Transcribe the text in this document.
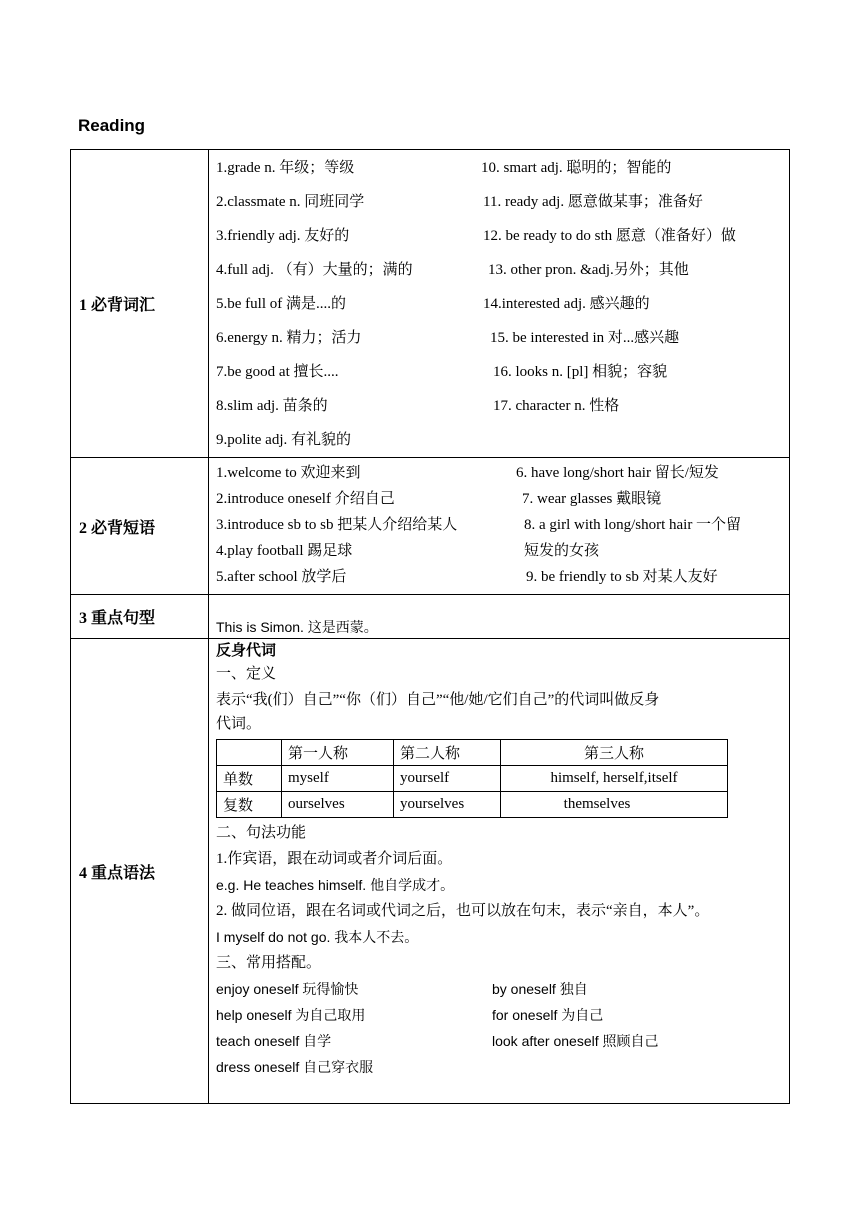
Reading
1 必背词汇	
1.grade n. 年级；等级	10. smart adj. 聪明的；智能的
2.classmate n. 同班同学	11. ready adj. 愿意做某事；准备好
3.friendly adj. 友好的	12. be ready to do sth 愿意（准备好）做
4.full adj. （有）大量的；满的	13. other pron. &adj.另外；其他
5.be full of 满是....的	14.interested adj. 感兴趣的
6.energy n. 精力；活力	15. be interested in 对...感兴趣
7.be good at 擅长....	16. looks n. [pl] 相貌；容貌
8.slim adj. 苗条的	17. character n. 性格
9.polite adj. 有礼貌的

2 必背短语	
1.welcome to 欢迎来到	6. have long/short hair 留长/短发
2.introduce oneself 介绍自己	7. wear glasses 戴眼镜
3.introduce sb to sb 把某人介绍给某人	8. a girl with long/short hair 一个留
4.play football 踢足球	短发的女孩
5.after school 放学后	9. be friendly to sb 对某人友好

3 重点句型	This is Simon. 这是西蒙。

4 重点语法	
反身代词
一、定义
表示“我(们）自己”“你（们）自己”“他/她/它们自己”的代词叫做反身
代词。
	第一人称	第二人称	第三人称
单数	myself	yourself	himself, herself,itself
复数	ourselves	yourselves	themselves
二、句法功能
1.作宾语，跟在动词或者介词后面。
e.g. He teaches himself. 他自学成才。
2. 做同位语，跟在名词或代词之后，也可以放在句末，表示“亲自，本人”。
I myself do not go. 我本人不去。
三、常用搭配。
enjoy oneself 玩得愉快	by oneself 独自
help oneself 为自己取用	for oneself 为自己
teach oneself 自学	look after oneself 照顾自己
dress oneself 自己穿衣服
